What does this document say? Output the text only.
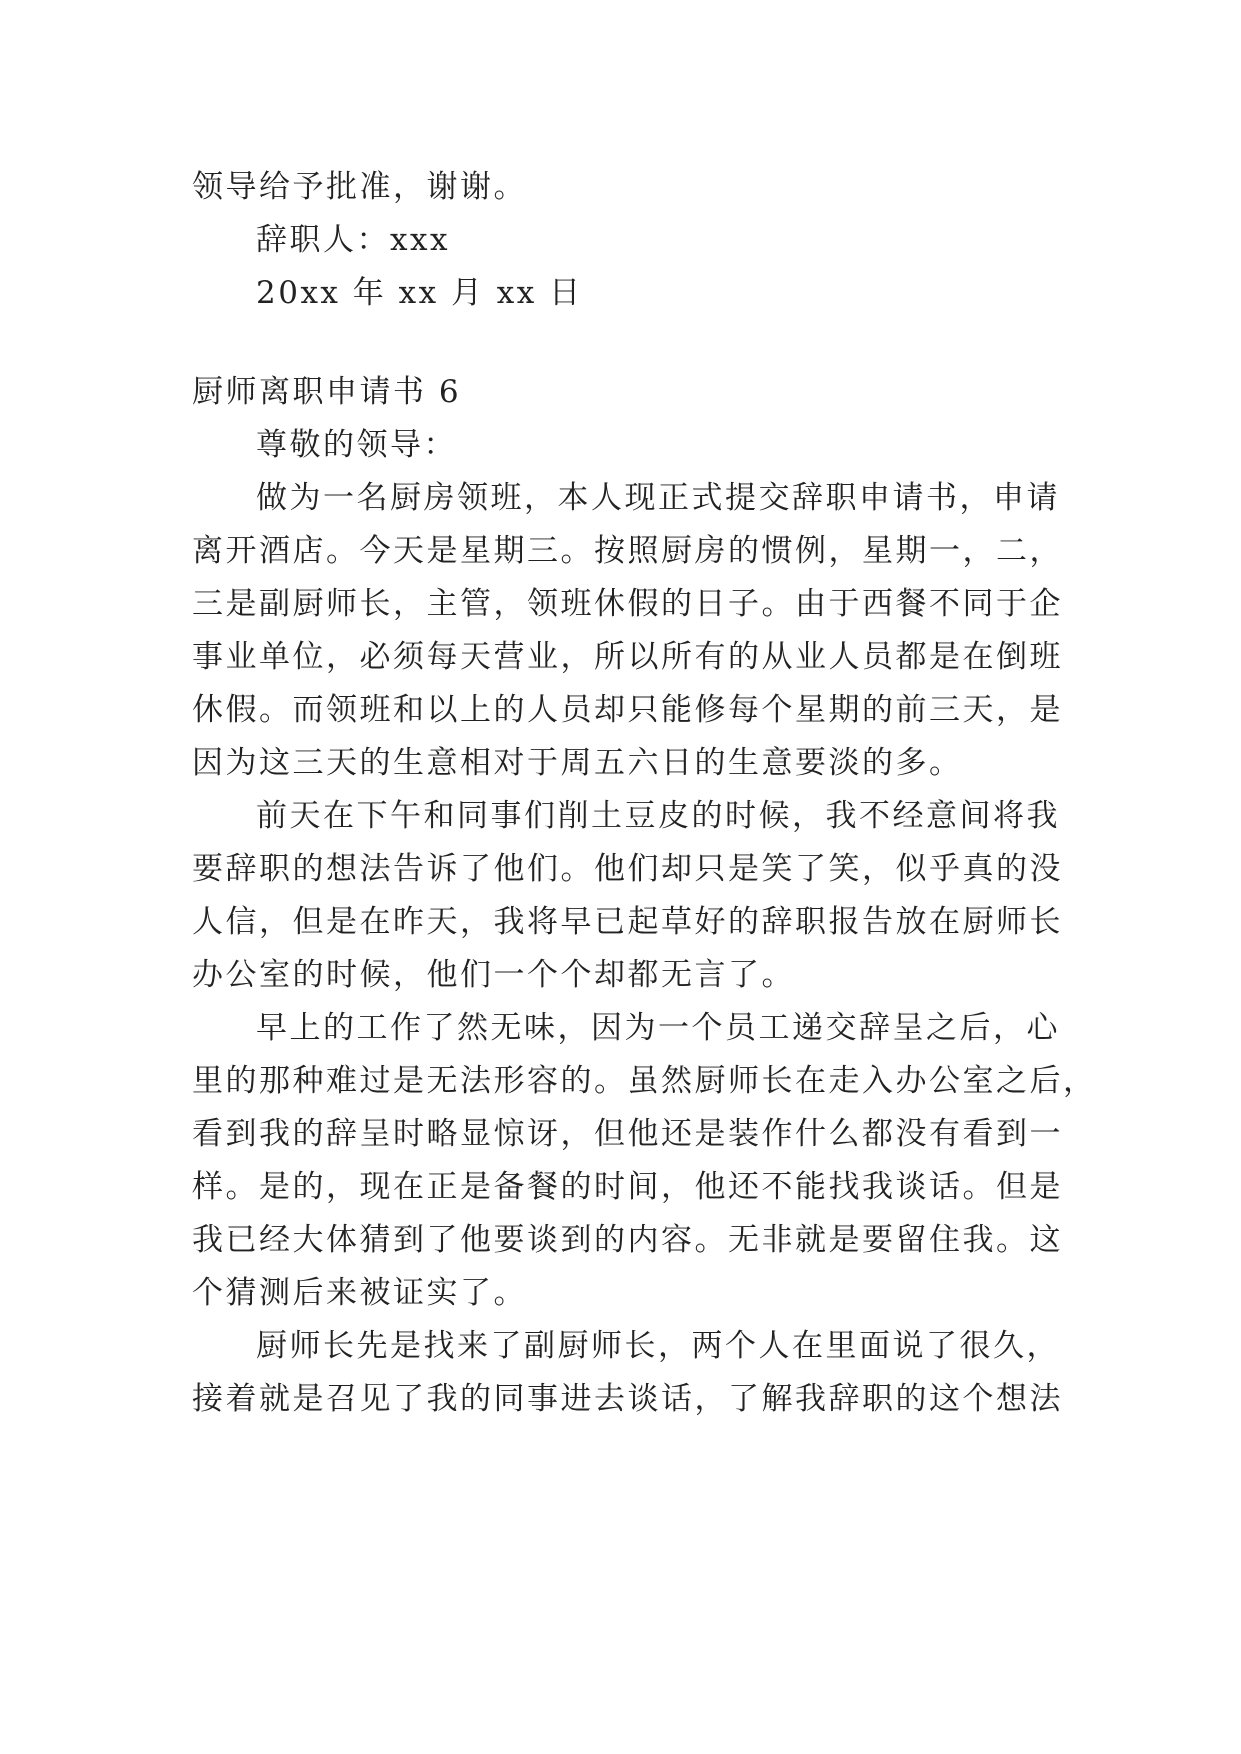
领导给予批准，谢谢。
辞职人：xxx
20xx 年 xx 月 xx 日
厨师离职申请书 6
尊敬的领导：
做为一名厨房领班，本人现正式提交辞职申请书，申请
离开酒店。今天是星期三。按照厨房的惯例，星期一，二，
三是副厨师长，主管，领班休假的日子。由于西餐不同于企
事业单位，必须每天营业，所以所有的从业人员都是在倒班
休假。而领班和以上的人员却只能修每个星期的前三天，是
因为这三天的生意相对于周五六日的生意要淡的多。
前天在下午和同事们削土豆皮的时候，我不经意间将我
要辞职的想法告诉了他们。他们却只是笑了笑，似乎真的没
人信，但是在昨天，我将早已起草好的辞职报告放在厨师长
办公室的时候，他们一个个却都无言了。
早上的工作了然无味，因为一个员工递交辞呈之后，心
里的那种难过是无法形容的。虽然厨师长在走入办公室之后，
看到我的辞呈时略显惊讶，但他还是装作什么都没有看到一
样。是的，现在正是备餐的时间，他还不能找我谈话。但是
我已经大体猜到了他要谈到的内容。无非就是要留住我。这
个猜测后来被证实了。
厨师长先是找来了副厨师长，两个人在里面说了很久，
接着就是召见了我的同事进去谈话，了解我辞职的这个想法
